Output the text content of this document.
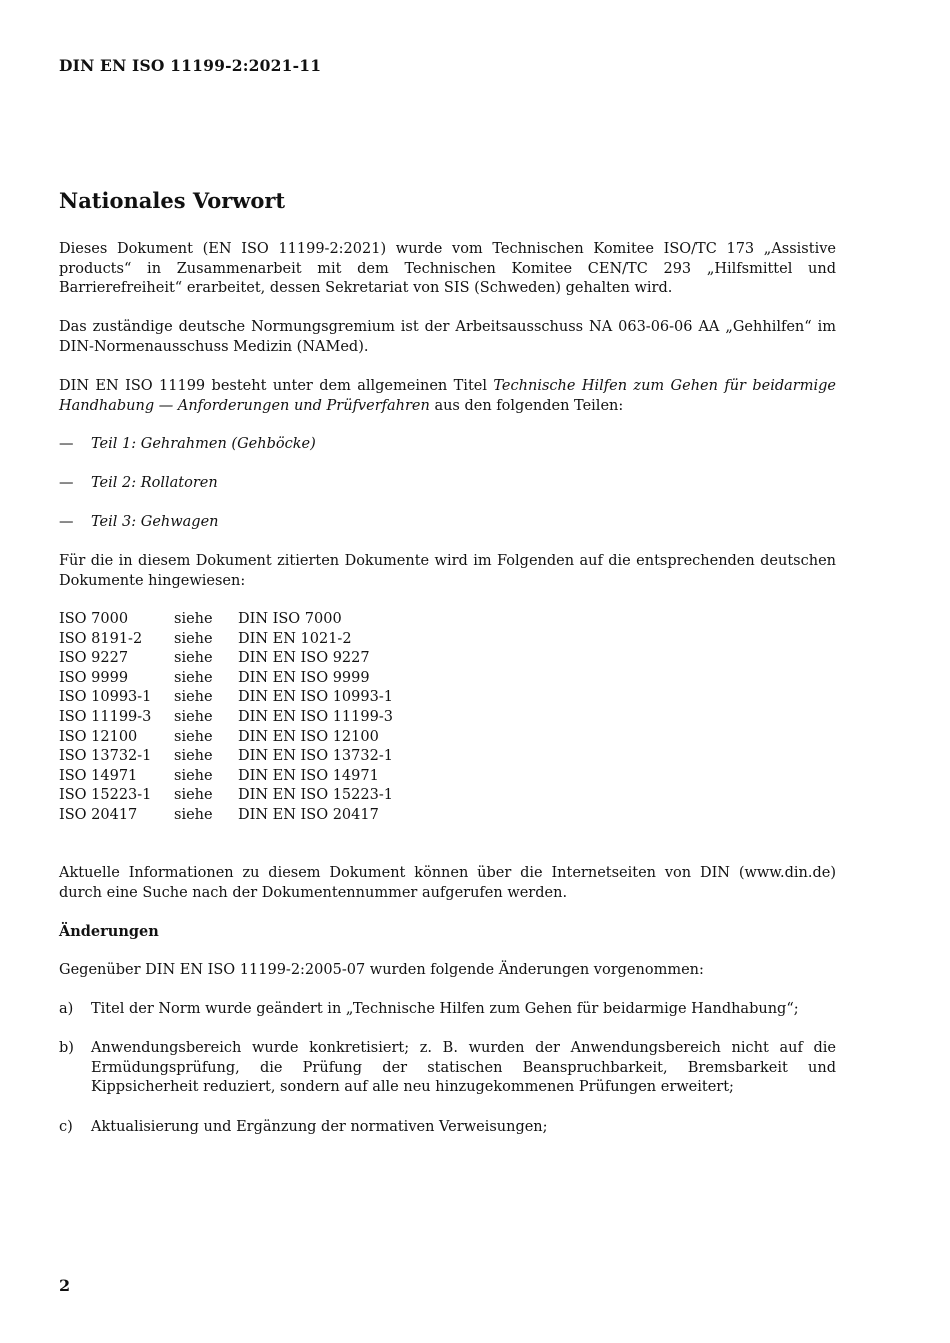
DIN EN ISO 11199-2:2021-11
Nationales Vorwort
Dieses Dokument (EN ISO 11199-2:2021) wurde vom Technischen Komitee ISO/TC 173 „Assistive products“ in Zusammenarbeit mit dem Technischen Komitee CEN/TC 293 „Hilfsmittel und Barrierefreiheit“ erarbeitet, dessen Sekretariat von SIS (Schweden) gehalten wird.
Das zuständige deutsche Normungsgremium ist der Arbeitsausschuss NA 063-06-06 AA „Gehhilfen“ im DIN-Normenausschuss Medizin (NAMed).
DIN EN ISO 11199 besteht unter dem allgemeinen Titel Technische Hilfen zum Gehen für beidarmige Handhabung — Anforderungen und Prüfverfahren aus den folgenden Teilen:
— Teil 1: Gehrahmen (Gehböcke)
— Teil 2: Rollatoren
— Teil 3: Gehwagen
Für die in diesem Dokument zitierten Dokumente wird im Folgenden auf die entsprechenden deutschen Dokumente hingewiesen:
ISO 7000	siehe	DIN ISO 7000
ISO 8191-2	siehe	DIN EN 1021-2
ISO 9227	siehe	DIN EN ISO 9227
ISO 9999	siehe	DIN EN ISO 9999
ISO 10993-1	siehe	DIN EN ISO 10993-1
ISO 11199-3	siehe	DIN EN ISO 11199-3
ISO 12100	siehe	DIN EN ISO 12100
ISO 13732-1	siehe	DIN EN ISO 13732-1
ISO 14971	siehe	DIN EN ISO 14971
ISO 15223-1	siehe	DIN EN ISO 15223-1
ISO 20417	siehe	DIN EN ISO 20417
Aktuelle Informationen zu diesem Dokument können über die Internetseiten von DIN (www.din.de) durch eine Suche nach der Dokumentennummer aufgerufen werden.
Änderungen
Gegenüber DIN EN ISO 11199-2:2005-07 wurden folgende Änderungen vorgenommen:
a)	Titel der Norm wurde geändert in „Technische Hilfen zum Gehen für beidarmige Handhabung“;
b)	Anwendungsbereich wurde konkretisiert; z. B. wurden der Anwendungsbereich nicht auf die Ermüdungsprüfung, die Prüfung der statischen Beanspruchbarkeit, Bremsbarkeit und Kippsicherheit reduziert, sondern auf alle neu hinzugekommenen Prüfungen erweitert;
c)	Aktualisierung und Ergänzung der normativen Verweisungen;
2
